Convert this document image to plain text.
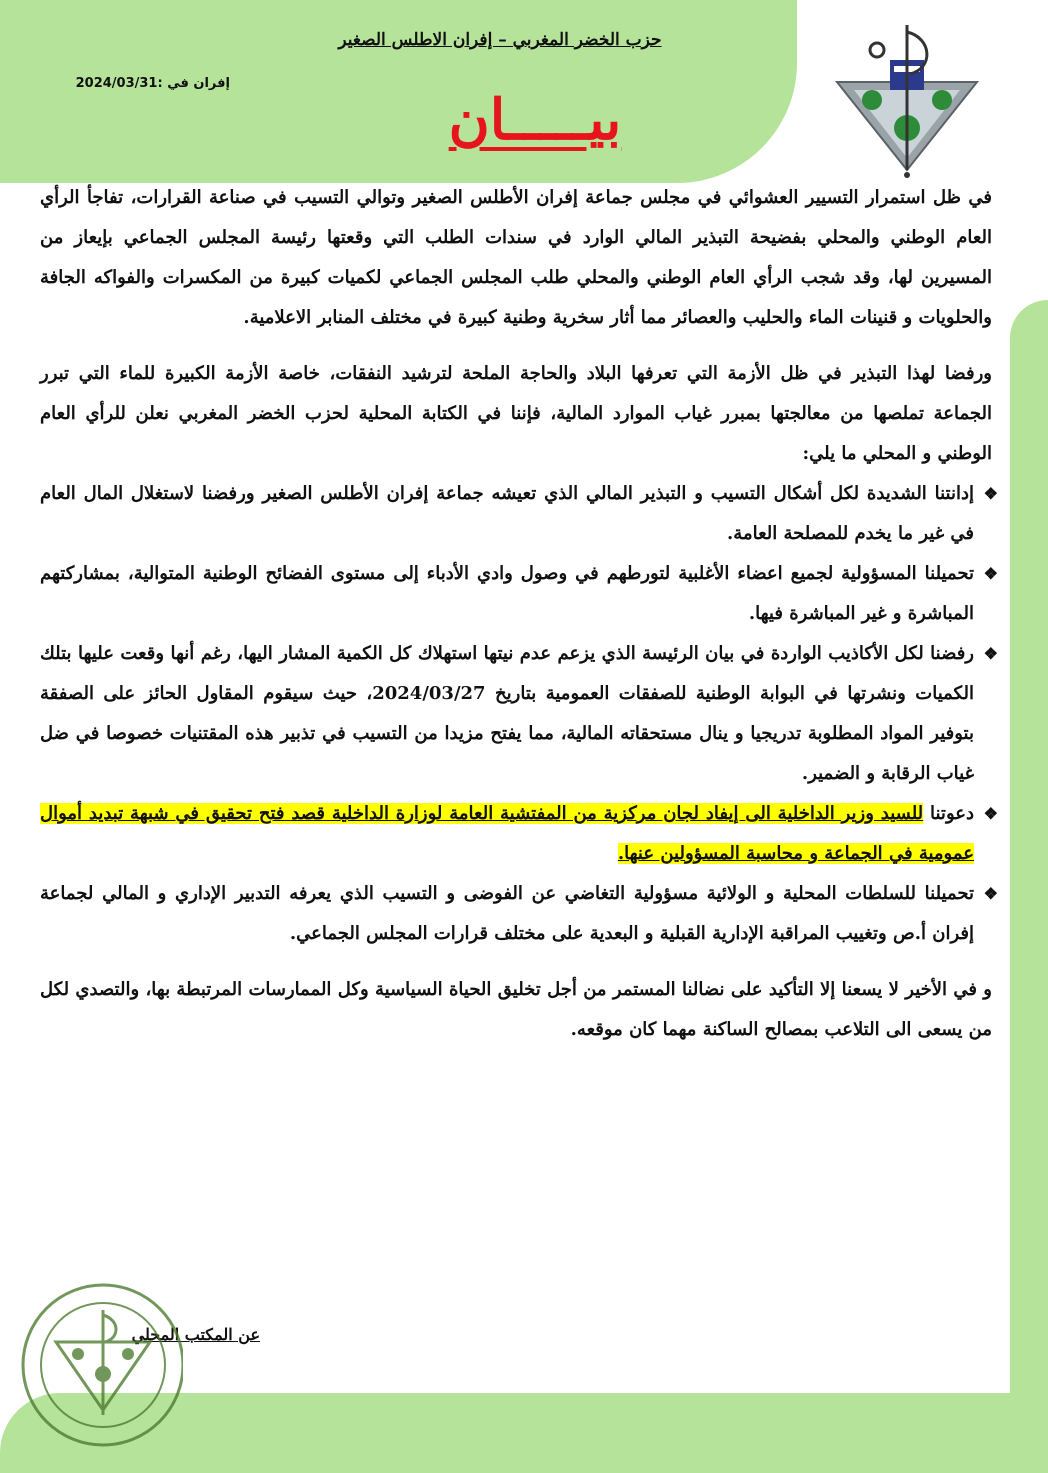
حزب الخضر المغربي – إفران الاطلس الصغير
إفران في :2024/03/31
بيـــــان

في ظل استمرار التسيير العشوائي في مجلس جماعة إفران الأطلس الصغير وتوالي التسيب في صناعة القرارات، تفاجأ الرأي العام الوطني والمحلي بفضيحة التبذير المالي الوارد في سندات الطلب التي وقعتها رئيسة المجلس الجماعي بإيعاز من المسيرين لها، وقد شجب الرأي العام الوطني والمحلي طلب المجلس الجماعي لكميات كبيرة من المكسرات والفواكه الجافة والحلويات و قنينات الماء والحليب والعصائر مما أثار سخرية وطنية كبيرة في مختلف المنابر الاعلامية.

ورفضا لهذا التبذير في ظل الأزمة التي تعرفها البلاد والحاجة الملحة لترشيد النفقات، خاصة الأزمة الكبيرة للماء التي تبرر الجماعة تملصها من معالجتها بمبرر غياب الموارد المالية، فإننا في الكتابة المحلية لحزب الخضر المغربي نعلن للرأي العام الوطني و المحلي ما يلي:

❖ إدانتنا الشديدة لكل أشكال التسيب و التبذير المالي الذي تعيشه جماعة إفران الأطلس الصغير ورفضنا لاستغلال المال العام في غير ما يخدم للمصلحة العامة.

❖ تحميلنا المسؤولية لجميع اعضاء الأغلبية لتورطهم في وصول وادي الأدباء إلى مستوى الفضائح الوطنية المتوالية، بمشاركتهم المباشرة و غير المباشرة فيها.

❖ رفضنا لكل الأكاذيب الواردة في بيان الرئيسة الذي يزعم عدم نيتها استهلاك كل الكمية المشار اليها، رغم أنها وقعت عليها بتلك الكميات ونشرتها في البوابة الوطنية للصفقات العمومية بتاريخ 2024/03/27، حيث سيقوم المقاول الحائز على الصفقة بتوفير المواد المطلوبة تدريجيا و ينال مستحقاته المالية، مما يفتح مزيدا من التسيب في تذبير هذه المقتنيات خصوصا في ضل غياب الرقابة و الضمير.

❖ دعوتنا للسيد وزير الداخلية الى إيفاد لجان مركزية من المفتشية العامة لوزارة الداخلية قصد فتح تحقيق في شبهة تبديد أموال عمومية في الجماعة و محاسبة المسؤولين عنها.

❖ تحميلنا للسلطات المحلية و الولائية مسؤولية التغاضي عن الفوضى و التسيب الذي يعرفه التدبير الإداري و المالي لجماعة إفران أ.ص وتغييب المراقبة الإدارية القبلية و البعدية على مختلف قرارات المجلس الجماعي.

و في الأخير لا يسعنا إلا التأكيد على نضالنا المستمر من أجل تخليق الحياة السياسية وكل الممارسات المرتبطة بها، والتصدي لكل من يسعى الى التلاعب بمصالح الساكنة مهما كان موقعه.

عن المكتب المحلي
